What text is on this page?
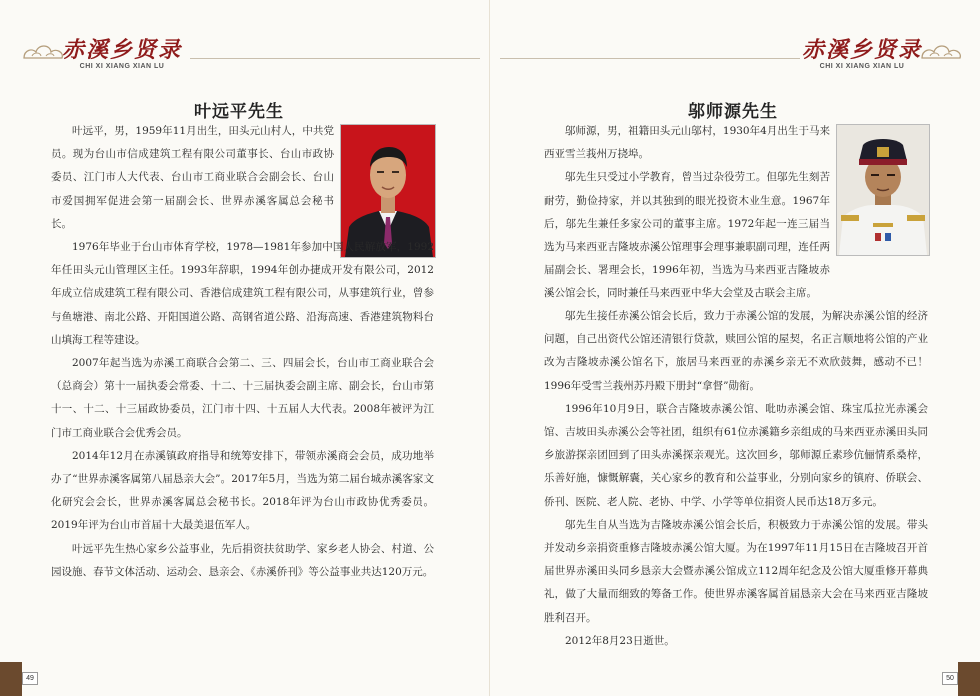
赤溪乡贤录
CHI XI XIANG XIAN LU
叶远平先生

叶远平，男，1959年11月出生，田头元山村人，中共党员。现为台山市信成建筑工程有限公司董事长、台山市政协委员、江门市人大代表、台山市工商业联合会副会长、台山市爱国拥军促进会第一届副会长、世界赤溪客属总会秘书长。

1976年毕业于台山市体育学校，1978—1981年参加中国人民解放军，1992年任田头元山管理区主任。1993年辞职，1994年创办捷成开发有限公司，2012年成立信成建筑工程有限公司、香港信成建筑工程有限公司，从事建筑行业，曾参与鱼塘港、南北公路、开阳国道公路、高钢省道公路、沿海高速、香港建筑物料台山填海工程等建设。

2007年起当选为赤溪工商联合会第二、三、四届会长，台山市工商业联合会（总商会）第十一届执委会常委、十二、十三届执委会副主席、副会长，台山市第十一、十二、十三届政协委员，江门市十四、十五届人大代表。2008年被评为江门市工商业联合会优秀会员。

2014年12月在赤溪镇政府指导和统筹安排下，带领赤溪商会会员，成功地举办了“世界赤溪客属第八届恳亲大会”。2017年5月，当选为第二届台城赤溪客家文化研究会会长，世界赤溪客属总会秘书长。2018年评为台山市政协优秀委员。2019年评为台山市首届十大最美退伍军人。

叶远平先生热心家乡公益事业，先后捐资扶贫助学、家乡老人协会、村道、公园设施、春节文体活动、运动会、恳亲会、《赤溪侨刊》等公益事业共达120万元。

49
赤溪乡贤录
CHI XI XIANG XIAN LU
邬师源先生

邬师源，男，祖籍田头元山邬村，1930年4月出生于马来西亚雪兰莪州万挠埠。

邬先生只受过小学教育，曾当过杂役劳工。但邬先生刻苦耐劳，勤俭持家，并以其独到的眼光投资木业生意。1967年后，邬先生兼任多家公司的董事主席。1972年起一连三届当选为马来西亚吉隆坡赤溪公馆理事会理事兼职副司理，连任两届副会长、署理会长，1996年初，当选为马来西亚吉隆坡赤溪公馆会长，同时兼任马来西亚中华大会堂及古联会主席。

邬先生接任赤溪公馆会长后，致力于赤溪公馆的发展，为解决赤溪公馆的经济问题，自己出资代公馆还清银行贷款，赎回公馆的屋契，名正言顺地将公馆的产业改为吉隆坡赤溪公馆名下，旅居马来西亚的赤溪乡亲无不欢欣鼓舞，感动不已！1996年受雪兰莪州苏丹殿下册封“拿督”勋衔。

1996年10月9日，联合吉隆坡赤溪公馆、吡叻赤溪会馆、珠宝瓜拉光赤溪会馆、吉坡田头赤溪公会等社团，组织有61位赤溪籍乡亲组成的马来西亚赤溪田头同乡旅游探亲团回到了田头赤溪探亲观光。这次回乡，邬师源丘素珍伉俪情系桑梓，乐善好施，慷慨解囊，关心家乡的教育和公益事业，分别向家乡的镇府、侨联会、侨刊、医院、老人院、老协、中学、小学等单位捐资人民币达18万多元。

邬先生自从当选为吉隆坡赤溪公馆会长后，积极致力于赤溪公馆的发展。带头并发动乡亲捐资重修吉隆坡赤溪公馆大厦。为在1997年11月15日在吉隆坡召开首届世界赤溪田头同乡恳亲大会暨赤溪公馆成立112周年纪念及公馆大厦重修开幕典礼，做了大量而细致的筹备工作。使世界赤溪客属首届恳亲大会在马来西亚吉隆坡胜利召开。

2012年8月23日逝世。

50
